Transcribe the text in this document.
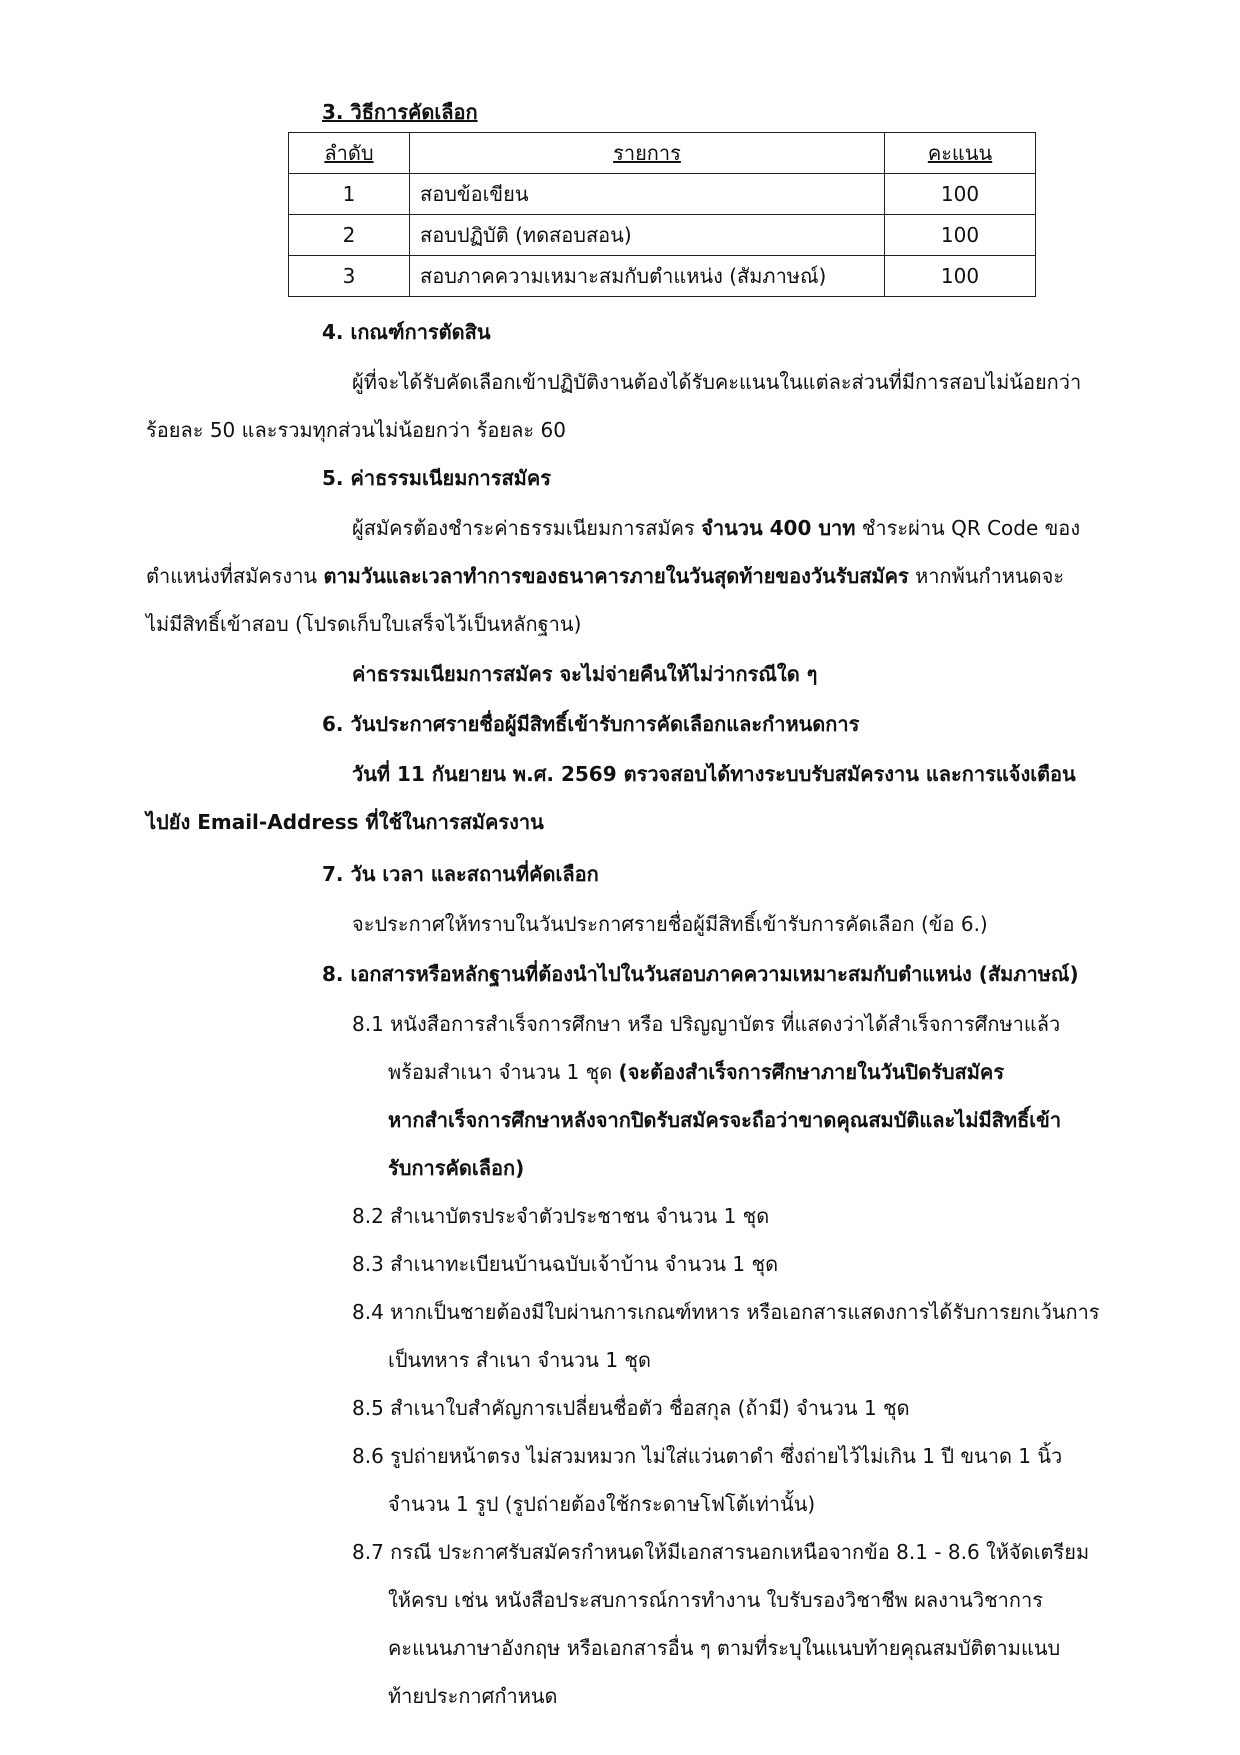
3. วิธีการคัดเลือก
ลำดับ	รายการ	คะแนน
1	สอบข้อเขียน	100
2	สอบปฏิบัติ (ทดสอบสอน)	100
3	สอบภาคความเหมาะสมกับตำแหน่ง (สัมภาษณ์)	100
4. เกณฑ์การตัดสิน
ผู้ที่จะได้รับคัดเลือกเข้าปฏิบัติงานต้องได้รับคะแนนในแต่ละส่วนที่มีการสอบไม่น้อยกว่า
ร้อยละ 50 และรวมทุกส่วนไม่น้อยกว่า ร้อยละ 60
5. ค่าธรรมเนียมการสมัคร
ผู้สมัครต้องชำระค่าธรรมเนียมการสมัคร จำนวน 400 บาท ชำระผ่าน QR Code ของ
ตำแหน่งที่สมัครงาน ตามวันและเวลาทำการของธนาคารภายในวันสุดท้ายของวันรับสมัคร หากพ้นกำหนดจะ
ไม่มีสิทธิ์เข้าสอบ (โปรดเก็บใบเสร็จไว้เป็นหลักฐาน)
ค่าธรรมเนียมการสมัคร จะไม่จ่ายคืนให้ไม่ว่ากรณีใด ๆ
6. วันประกาศรายชื่อผู้มีสิทธิ์เข้ารับการคัดเลือกและกำหนดการ
วันที่ 11 กันยายน พ.ศ. 2569 ตรวจสอบได้ทางระบบรับสมัครงาน และการแจ้งเตือน
ไปยัง Email-Address ที่ใช้ในการสมัครงาน
7. วัน เวลา และสถานที่คัดเลือก
จะประกาศให้ทราบในวันประกาศรายชื่อผู้มีสิทธิ์เข้ารับการคัดเลือก (ข้อ 6.)
8. เอกสารหรือหลักฐานที่ต้องนำไปในวันสอบภาคความเหมาะสมกับตำแหน่ง (สัมภาษณ์)
8.1 หนังสือการสำเร็จการศึกษา หรือ ปริญญาบัตร ที่แสดงว่าได้สำเร็จการศึกษาแล้ว
พร้อมสำเนา จำนวน 1 ชุด (จะต้องสำเร็จการศึกษาภายในวันปิดรับสมัคร
หากสำเร็จการศึกษาหลังจากปิดรับสมัครจะถือว่าขาดคุณสมบัติและไม่มีสิทธิ์เข้า
รับการคัดเลือก)
8.2 สำเนาบัตรประจำตัวประชาชน จำนวน 1 ชุด
8.3 สำเนาทะเบียนบ้านฉบับเจ้าบ้าน จำนวน 1 ชุด
8.4 หากเป็นชายต้องมีใบผ่านการเกณฑ์ทหาร หรือเอกสารแสดงการได้รับการยกเว้นการ
เป็นทหาร สำเนา จำนวน 1 ชุด
8.5 สำเนาใบสำคัญการเปลี่ยนชื่อตัว ชื่อสกุล (ถ้ามี) จำนวน 1 ชุด
8.6 รูปถ่ายหน้าตรง ไม่สวมหมวก ไม่ใส่แว่นตาดำ ซึ่งถ่ายไว้ไม่เกิน 1 ปี ขนาด 1 นิ้ว
จำนวน 1 รูป (รูปถ่ายต้องใช้กระดาษโฟโต้เท่านั้น)
8.7 กรณี ประกาศรับสมัครกำหนดให้มีเอกสารนอกเหนือจากข้อ 8.1 - 8.6 ให้จัดเตรียม
ให้ครบ เช่น หนังสือประสบการณ์การทำงาน ใบรับรองวิชาชีพ ผลงานวิชาการ
คะแนนภาษาอังกฤษ หรือเอกสารอื่น ๆ ตามที่ระบุในแนบท้ายคุณสมบัติตามแนบ
ท้ายประกาศกำหนด
